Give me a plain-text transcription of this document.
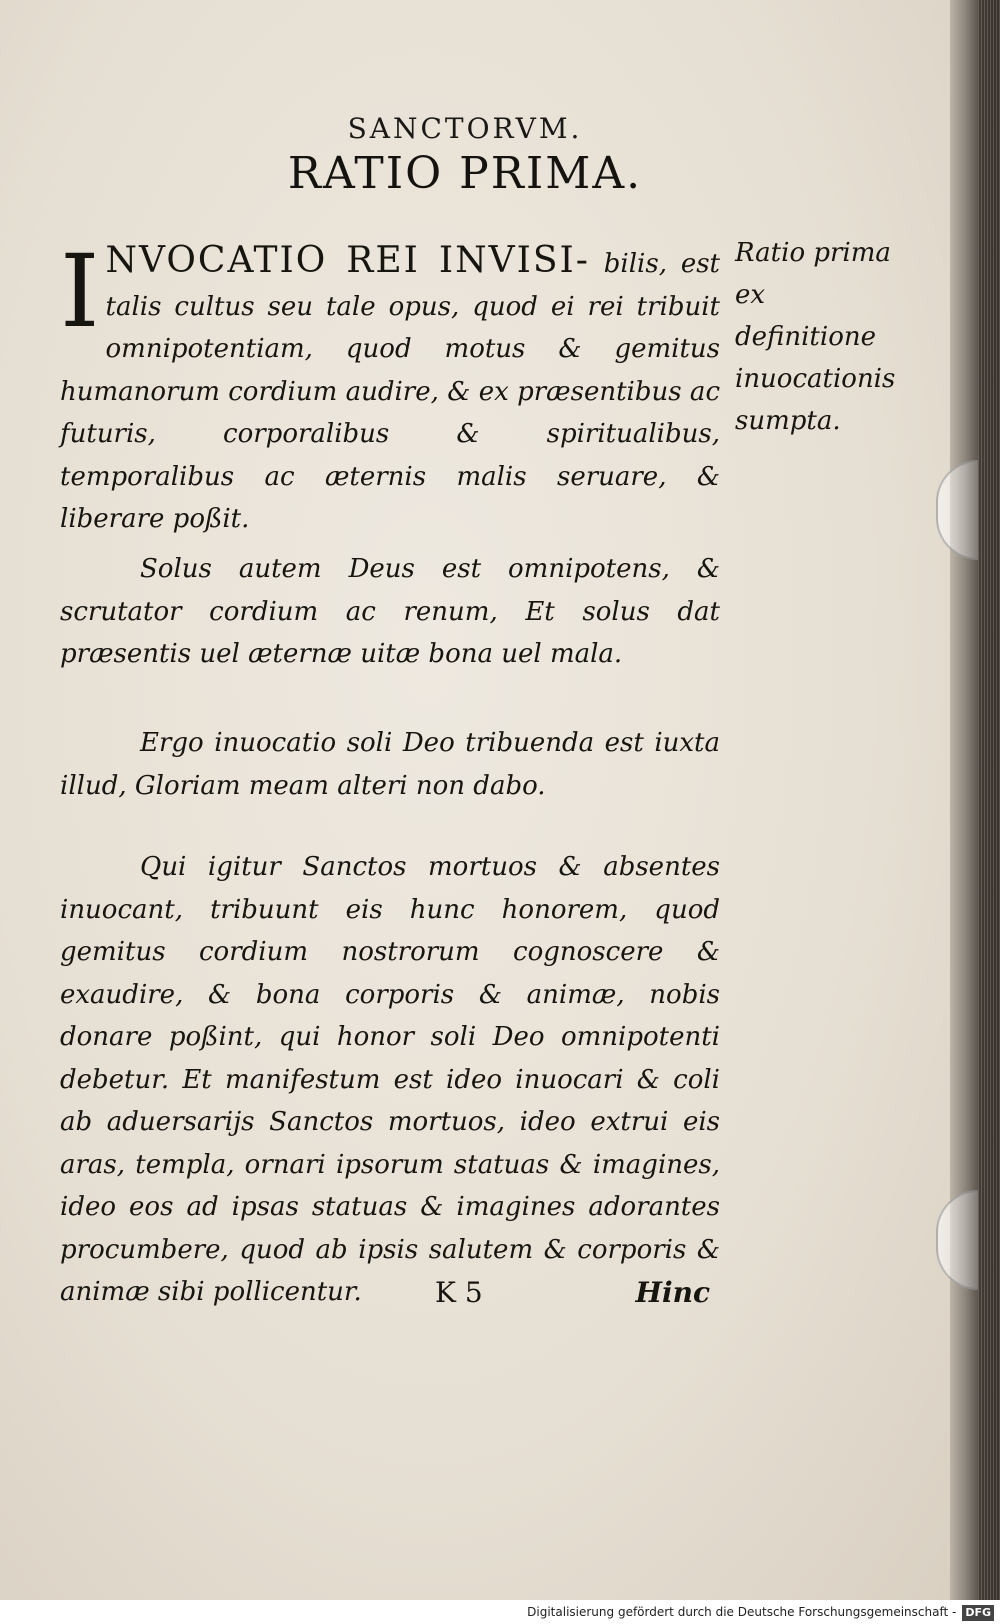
SANCTORVM.
RATIO PRIMA.
INVOCATIO REI INVISI- bilis, est talis cultus seu tale opus, quod ei rei tribuit omnipotentiam, quod motus & gemitus humanorum cordium audire, & ex præsentibus ac futuris, corporalibus & spiritualibus, temporalibus ac æternis malis seruare, & liberare poßit.
Ratio prima ex definitione inuocationis sumpta.
Solus autem Deus est omnipotens, & scrutator cordium ac renum, Et solus dat præsentis uel æternæ uitæ bona uel mala.
Ergo inuocatio soli Deo tribuenda est iuxta illud, Gloriam meam alteri non dabo.
Qui igitur Sanctos mortuos & absentes inuocant, tribuunt eis hunc honorem, quod gemitus cordium nostrorum cognoscere & exaudire, & bona corporis & animæ, nobis donare poßint, qui honor soli Deo omnipotenti debetur. Et manifestum est ideo inuocari & coli ab aduersarijs Sanctos mortuos, ideo extrui eis aras, templa, ornari ipsorum statuas & imagines, ideo eos ad ipsas statuas & imagines adorantes procumbere, quod ab ipsis salutem & corporis & animæ sibi pollicentur.	K 5	Hinc
Digitalisierung gefördert durch die Deutsche Forschungsgemeinschaft - DFG
